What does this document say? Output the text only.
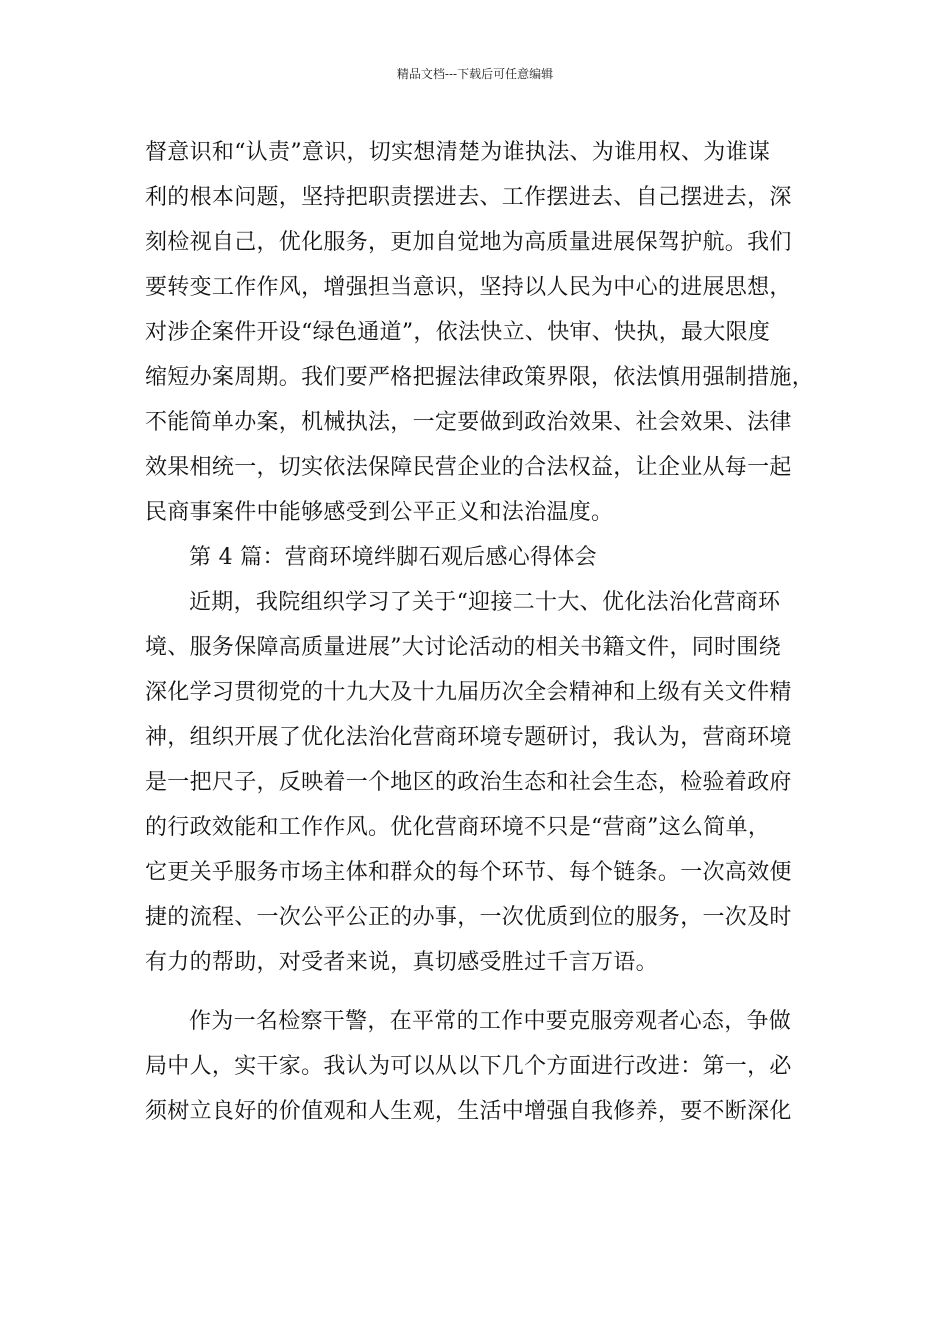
精品文档---下载后可任意编辑
督意识和“认责”意识，切实想清楚为谁执法、为谁用权、为谁谋
利的根本问题，坚持把职责摆进去、工作摆进去、自己摆进去，深
刻检视自己，优化服务，更加自觉地为高质量进展保驾护航。我们
要转变工作作风，增强担当意识，坚持以人民为中心的进展思想，
对涉企案件开设“绿色通道”，依法快立、快审、快执，最大限度
缩短办案周期。我们要严格把握法律政策界限，依法慎用强制措施，
不能简单办案，机械执法，一定要做到政治效果、社会效果、法律
效果相统一，切实依法保障民营企业的合法权益，让企业从每一起
民商事案件中能够感受到公平正义和法治温度。
第 4 篇：营商环境绊脚石观后感心得体会
近期，我院组织学习了关于“迎接二十大、优化法治化营商环
境、服务保障高质量进展”大讨论活动的相关书籍文件，同时围绕
深化学习贯彻党的十九大及十九届历次全会精神和上级有关文件精
神，组织开展了优化法治化营商环境专题研讨，我认为，营商环境
是一把尺子，反映着一个地区的政治生态和社会生态，检验着政府
的行政效能和工作作风。优化营商环境不只是“营商”这么简单，
它更关乎服务市场主体和群众的每个环节、每个链条。一次高效便
捷的流程、一次公平公正的办事，一次优质到位的服务，一次及时
有力的帮助，对受者来说，真切感受胜过千言万语。
作为一名检察干警，在平常的工作中要克服旁观者心态，争做
局中人，实干家。我认为可以从以下几个方面进行改进：第一，必
须树立良好的价值观和人生观，生活中增强自我修养，要不断深化
